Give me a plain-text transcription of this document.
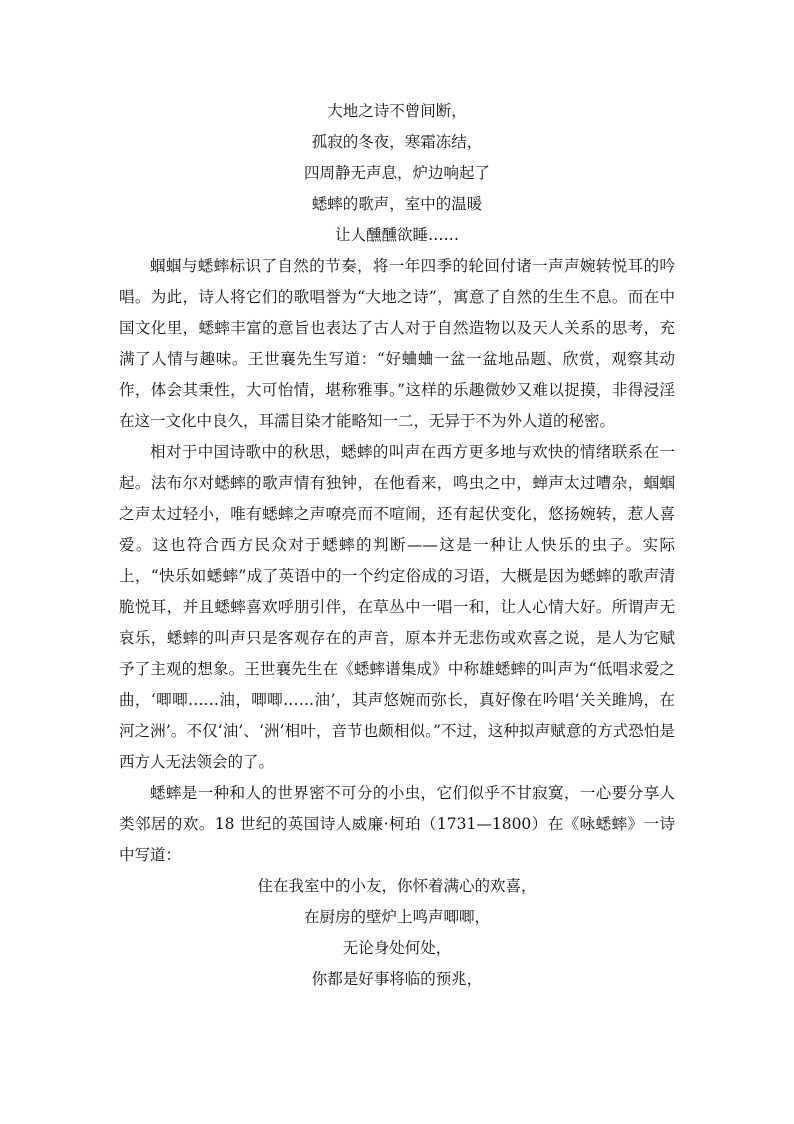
大地之诗不曾间断，
孤寂的冬夜，寒霜冻结，
四周静无声息，炉边响起了
蟋蟀的歌声，室中的温暖
让人醺醺欲睡……

蝈蝈与蟋蟀标识了自然的节奏，将一年四季的轮回付诸一声声婉转悦耳的吟唱。为此，诗人将它们的歌唱誉为“大地之诗”，寓意了自然的生生不息。而在中国文化里，蟋蟀丰富的意旨也表达了古人对于自然造物以及天人关系的思考，充满了人情与趣味。王世襄先生写道：“好蛐蛐一盆一盆地品题、欣赏，观察其动作，体会其秉性，大可怡情，堪称雅事。”这样的乐趣微妙又难以捉摸，非得浸淫在这一文化中良久，耳濡目染才能略知一二，无异于不为外人道的秘密。

相对于中国诗歌中的秋思，蟋蟀的叫声在西方更多地与欢快的情绪联系在一起。法布尔对蟋蟀的歌声情有独钟，在他看来，鸣虫之中，蝉声太过嘈杂，蝈蝈之声太过轻小，唯有蟋蟀之声嘹亮而不喧闹，还有起伏变化，悠扬婉转，惹人喜爱。这也符合西方民众对于蟋蟀的判断——这是一种让人快乐的虫子。实际上，“快乐如蟋蟀”成了英语中的一个约定俗成的习语，大概是因为蟋蟀的歌声清脆悦耳，并且蟋蟀喜欢呼朋引伴，在草丛中一唱一和，让人心情大好。所谓声无哀乐，蟋蟀的叫声只是客观存在的声音，原本并无悲伤或欢喜之说，是人为它赋予了主观的想象。王世襄先生在《蟋蟀谱集成》中称雄蟋蟀的叫声为“低唱求爱之曲，‘唧唧……油，唧唧……油’，其声悠婉而弥长，真好像在吟唱‘关关雎鸠，在河之洲’。不仅‘油’、‘洲’相叶，音节也颇相似。”不过，这种拟声赋意的方式恐怕是西方人无法领会的了。

蟋蟀是一种和人的世界密不可分的小虫，它们似乎不甘寂寞，一心要分享人类邻居的欢。18 世纪的英国诗人威廉·柯珀（1731—1800）在《咏蟋蟀》一诗中写道：

住在我室中的小友，你怀着满心的欢喜，
在厨房的壁炉上鸣声唧唧，
无论身处何处，
你都是好事将临的预兆，
